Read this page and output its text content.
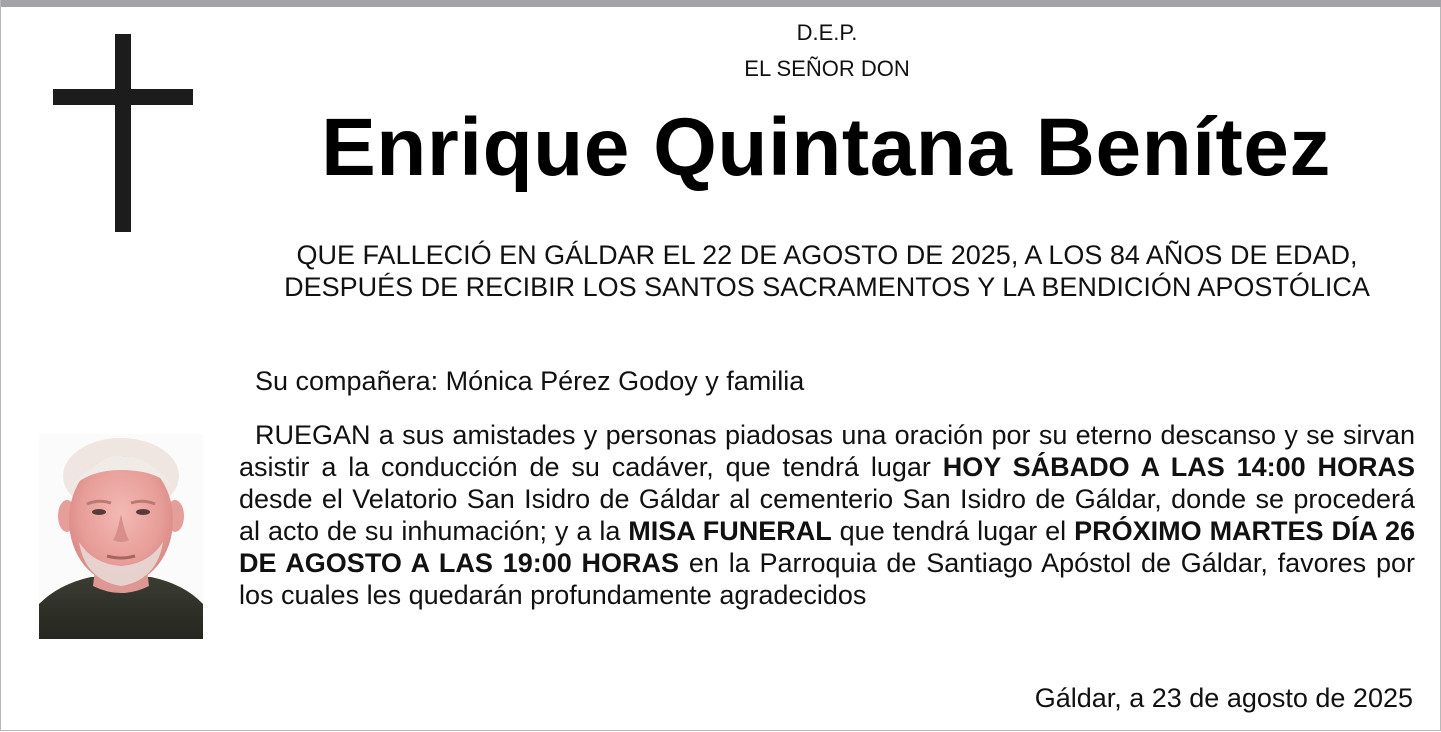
D.E.P.
EL SEÑOR DON
Enrique Quintana Benítez
QUE FALLECIÓ EN GÁLDAR EL 22 DE AGOSTO DE 2025, A LOS 84 AÑOS DE EDAD, DESPUÉS DE RECIBIR LOS SANTOS SACRAMENTOS Y LA BENDICIÓN APOSTÓLICA
Su compañera: Mónica Pérez Godoy y familia

RUEGAN a sus amistades y personas piadosas una oración por su eterno descanso y se sirvan asistir a la conducción de su cadáver, que tendrá lugar HOY SÁBADO A LAS 14:00 HORAS desde el Velatorio San Isidro de Gáldar al cementerio San Isidro de Gáldar, donde se procederá al acto de su inhumación; y a la MISA FUNERAL que tendrá lugar el PRÓXIMO MARTES DÍA 26 DE AGOSTO A LAS 19:00 HORAS en la Parroquia de Santiago Apóstol de Gáldar, favores por los cuales les quedarán profundamente agradecidos

Gáldar, a 23 de agosto de 2025
